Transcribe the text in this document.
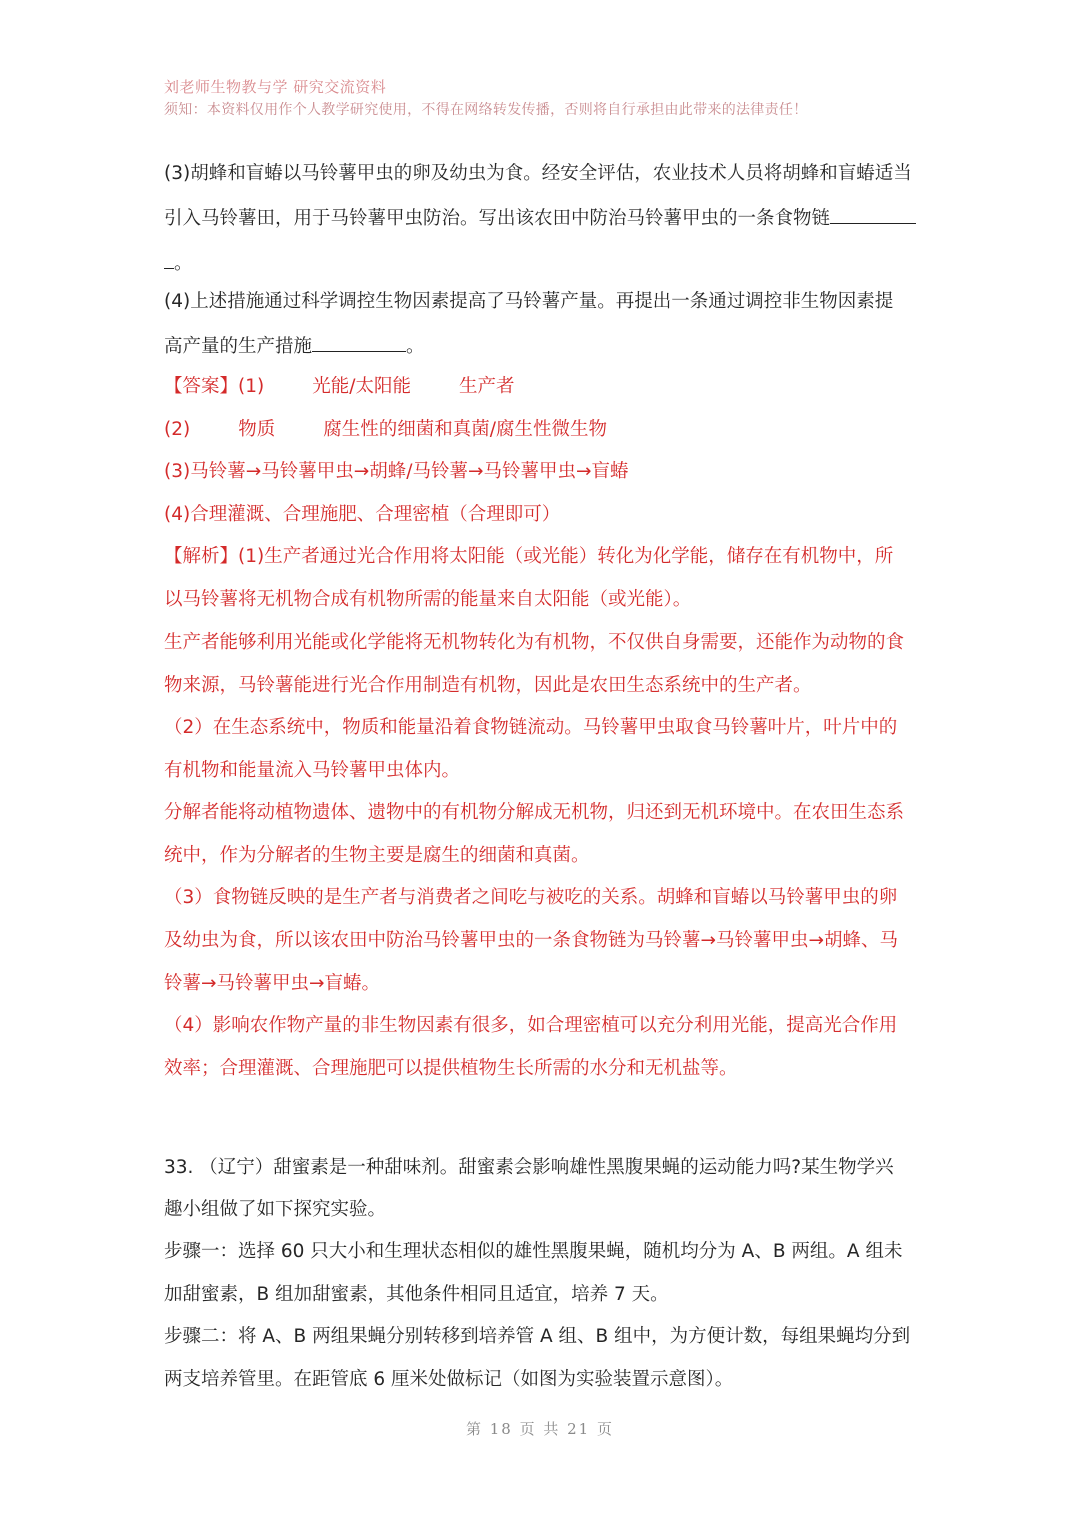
刘老师生物教与学 研究交流资料
须知：本资料仅用作个人教学研究使用，不得在网络转发传播，否则将自行承担由此带来的法律责任！
(3)胡蜂和盲蝽以马铃薯甲虫的卵及幼虫为食。经安全评估，农业技术人员将胡蜂和盲蝽适当
引入马铃薯田，用于马铃薯甲虫防治。写出该农田中防治马铃薯甲虫的一条食物链
。
(4)上述措施通过科学调控生物因素提高了马铃薯产量。再提出一条通过调控非生物因素提
高产量的生产措施	。
【答案】(1)	光能/太阳能	生产者
(2)	物质	腐生性的细菌和真菌/腐生性微生物
(3)马铃薯→马铃薯甲虫→胡蜂/马铃薯→马铃薯甲虫→盲蝽
(4)合理灌溉、合理施肥、合理密植（合理即可）
【解析】(1)生产者通过光合作用将太阳能（或光能）转化为化学能，储存在有机物中，所
以马铃薯将无机物合成有机物所需的能量来自太阳能（或光能）。
生产者能够利用光能或化学能将无机物转化为有机物，不仅供自身需要，还能作为动物的食
物来源，马铃薯能进行光合作用制造有机物，因此是农田生态系统中的生产者。
（2）在生态系统中，物质和能量沿着食物链流动。马铃薯甲虫取食马铃薯叶片，叶片中的
有机物和能量流入马铃薯甲虫体内。
分解者能将动植物遗体、遗物中的有机物分解成无机物，归还到无机环境中。在农田生态系
统中，作为分解者的生物主要是腐生的细菌和真菌。
（3）食物链反映的是生产者与消费者之间吃与被吃的关系。胡蜂和盲蝽以马铃薯甲虫的卵
及幼虫为食，所以该农田中防治马铃薯甲虫的一条食物链为马铃薯→马铃薯甲虫→胡蜂、马
铃薯→马铃薯甲虫→盲蝽。
（4）影响农作物产量的非生物因素有很多，如合理密植可以充分利用光能，提高光合作用
效率；合理灌溉、合理施肥可以提供植物生长所需的水分和无机盐等。
33. （辽宁）甜蜜素是一种甜味剂。甜蜜素会影响雄性黑腹果蝇的运动能力吗?某生物学兴
趣小组做了如下探究实验。
步骤一：选择 60 只大小和生理状态相似的雄性黑腹果蝇，随机均分为 A、B 两组。A 组未
加甜蜜素，B 组加甜蜜素，其他条件相同且适宜，培养 7 天。
步骤二：将 A、B 两组果蝇分别转移到培养管 A 组、B 组中，为方便计数，每组果蝇均分到
两支培养管里。在距管底 6 厘米处做标记（如图为实验装置示意图）。
第 18 页 共 21 页
